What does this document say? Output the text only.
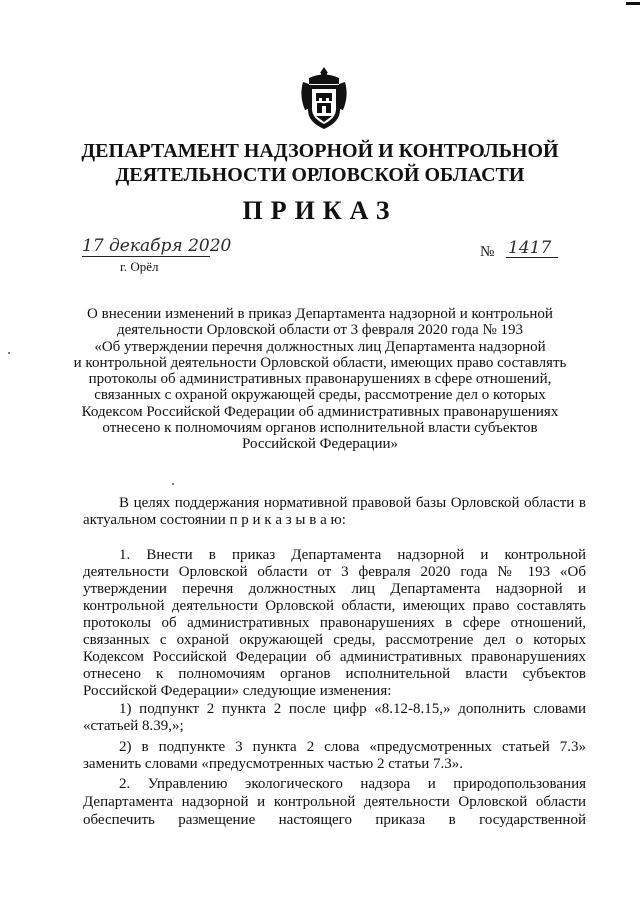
ДЕПАРТАМЕНТ НАДЗОРНОЙ И КОНТРОЛЬНОЙ
ДЕЯТЕЛЬНОСТИ ОРЛОВСКОЙ ОБЛАСТИ
ПРИКАЗ
17 декабря 2020
г. Орёл
№ 1417
О внесении изменений в приказ Департамента надзорной и контрольной
деятельности Орловской области от 3 февраля 2020 года № 193
«Об утверждении перечня должностных лиц Департамента надзорной
и контрольной деятельности Орловской области, имеющих право составлять
протоколы об административных правонарушениях в сфере отношений,
связанных с охраной окружающей среды, рассмотрение дел о которых
Кодексом Российской Федерации об административных правонарушениях
отнесено к полномочиям органов исполнительной власти субъектов
Российской Федерации»
В целях поддержания нормативной правовой базы Орловской области в актуальном состоянии п р и к а з ы в а ю:
1. Внести в приказ Департамента надзорной и контрольной деятельности Орловской области от 3 февраля 2020 года № 193 «Об утверждении перечня должностных лиц Департамента надзорной и контрольной деятельности Орловской области, имеющих право составлять протоколы об административных правонарушениях в сфере отношений, связанных с охраной окружающей среды, рассмотрение дел о которых Кодексом Российской Федерации об административных правонарушениях отнесено к полномочиям органов исполнительной власти субъектов Российской Федерации» следующие изменения:
1) подпункт 2 пункта 2 после цифр «8.12-8.15,» дополнить словами «статьей 8.39,»;
2) в подпункте 3 пункта 2 слова «предусмотренных статьей 7.3» заменить словами «предусмотренных частью 2 статьи 7.3».
2. Управлению экологического надзора и природопользования
Департамента надзорной и контрольной деятельности Орловской области
обеспечить размещение настоящего приказа в государственной
